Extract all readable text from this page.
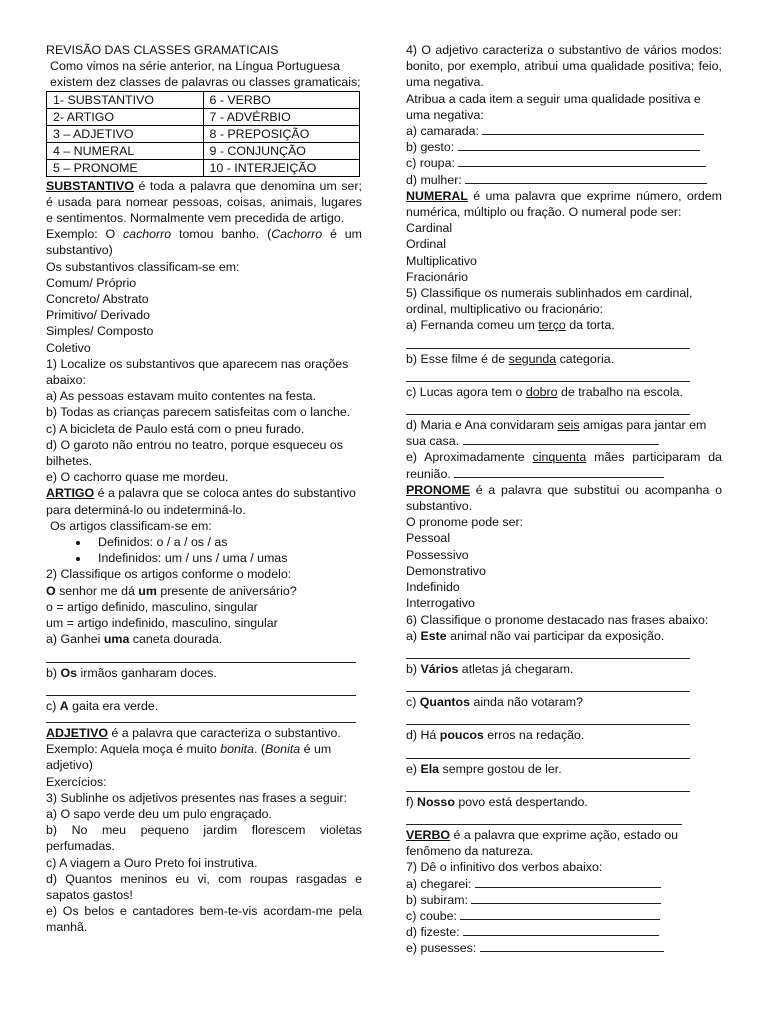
REVISÃO DAS CLASSES GRAMATICAIS

Como vimos na série anterior, na Língua Portuguesa existem dez classes de palavras ou classes gramaticais;

1- SUBSTANTIVO	6 - VERBO
2- ARTIGO	7 - ADVÉRBIO
3 – ADJETIVO	8 - PREPOSIÇÃO
4 – NUMERAL	9 - CONJUNÇÃO
5 – PRONOME	10 - INTERJEIÇÃO

SUBSTANTIVO é toda a palavra que denomina um ser; é usada para nomear pessoas, coisas, animais, lugares e sentimentos. Normalmente vem precedida de artigo.

Exemplo: O cachorro tomou banho. (Cachorro é um substantivo)

Os substantivos classificam-se em:

Comum/ Próprio

Concreto/ Abstrato

Primitivo/ Derivado

Simples/ Composto

Coletivo

1) Localize os substantivos que aparecem nas orações abaixo:

a) As pessoas estavam muito contentes na festa.

b) Todas as crianças parecem satisfeitas com o lanche.

c) A bicicleta de Paulo está com o pneu furado.

d) O garoto não entrou no teatro, porque esqueceu os bilhetes.

e) O cachorro quase me mordeu.

ARTIGO é a palavra que se coloca antes do substantivo para determiná-lo ou indeterminá-lo.

Os artigos classificam-se em:

• Definidos: o / a / os / as
• Indefinidos: um / uns / uma / umas

2) Classifique os artigos conforme o modelo:

O senhor me dá um presente de aniversário?

o = artigo definido, masculino, singular

um = artigo indefinido, masculino, singular

a) Ganhei uma caneta dourada.

b) Os irmãos ganharam doces.

c) A gaita era verde.

ADJETIVO é a palavra que caracteriza o substantivo.

Exemplo: Aquela moça é muito bonita. (Bonita é um adjetivo)

Exercícios:

3) Sublinhe os adjetivos presentes nas frases a seguir:

a) O sapo verde deu um pulo engraçado.

b) No meu pequeno jardim florescem violetas perfumadas.

c) A viagem a Ouro Preto foi instrutiva.

d) Quantos meninos eu vi, com roupas rasgadas e sapatos gastos!

e) Os belos e cantadores bem-te-vis acordam-me pela manhã.

4) O adjetivo caracteriza o substantivo de vários modos: bonito, por exemplo, atribui uma qualidade positiva; feio, uma negativa.

Atribua a cada item a seguir uma qualidade positiva e uma negativa:

a) camarada:

b) gesto:

c) roupa:

d) mulher:

NUMERAL é uma palavra que exprime número, ordem numérica, múltiplo ou fração. O numeral pode ser:

Cardinal

Ordinal

Multiplicativo

Fracionário

5) Classifique os numerais sublinhados em cardinal, ordinal, multiplicativo ou fracionário:

a) Fernanda comeu um terço da torta.

b) Esse filme é de segunda categoria.

c) Lucas agora tem o dobro de trabalho na escola.

d) Maria e Ana convidaram seis amigas para jantar em sua casa.

e) Aproximadamente cinquenta mães participaram da reunião.

PRONOME é a palavra que substitui ou acompanha o substantivo.

O pronome pode ser:

Pessoal

Possessivo

Demonstrativo

Indefinido

Interrogativo

6) Classifique o pronome destacado nas frases abaixo:

a) Este animal não vai participar da exposição.

b) Vários atletas já chegaram.

c) Quantos ainda não votaram?

d) Há poucos erros na redação.

e) Ela sempre gostou de ler.

f) Nosso povo está despertando.

VERBO é a palavra que exprime ação, estado ou fenômeno da natureza.

7) Dê o infinitivo dos verbos abaixo:

a) chegarei:

b) subiram:

c) coube:

d) fizeste:

e) pusesses:
